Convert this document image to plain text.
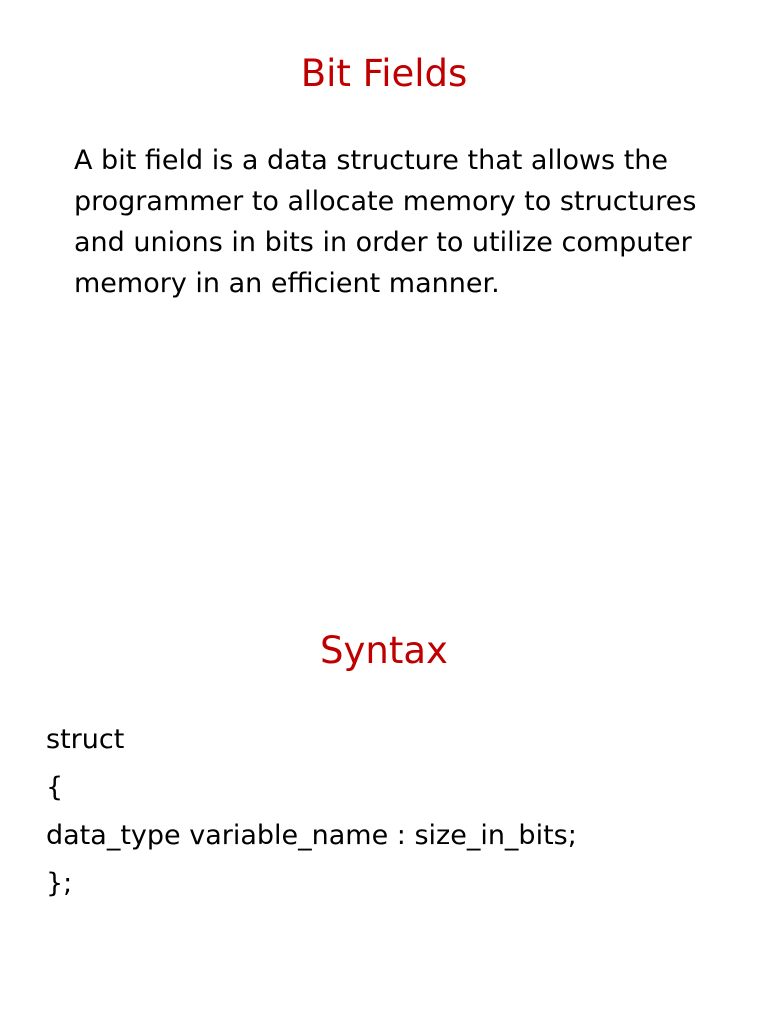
Bit Fields

A bit field is a data structure that allows the programmer to allocate memory to structures and unions in bits in order to utilize computer memory in an efficient manner.

Syntax
struct
{
data_type variable_name : size_in_bits;
};
